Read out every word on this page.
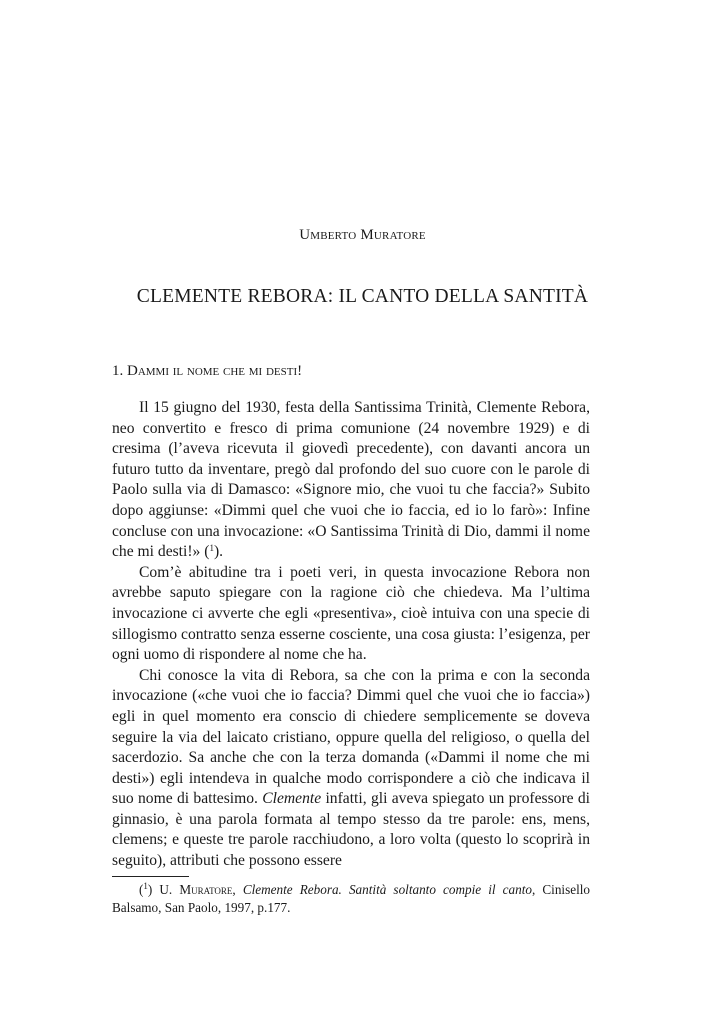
Umberto Muratore
CLEMENTE REBORA: IL CANTO DELLA SANTITÀ
1. Dammi il nome che mi desti!

Il 15 giugno del 1930, festa della Santissima Trinità, Clemente Rebora, neo convertito e fresco di prima comunione (24 novembre 1929) e di cresima (l’aveva ricevuta il giovedì precedente), con davanti ancora un futuro tutto da inventare, pregò dal profondo del suo cuore con le parole di Paolo sulla via di Damasco: «Signore mio, che vuoi tu che faccia?» Subito dopo aggiunse: «Dimmi quel che vuoi che io faccia, ed io lo farò»: Infine concluse con una invocazione: «O Santissima Trinità di Dio, dammi il nome che mi desti!» ($^1$).

Com’è abitudine tra i poeti veri, in questa invocazione Rebora non avrebbe saputo spiegare con la ragione ciò che chiedeva. Ma l’ultima invocazione ci avverte che egli «presentiva», cioè intuiva con una specie di sillogismo contratto senza esserne cosciente, una cosa giusta: l’esigenza, per ogni uomo di rispondere al nome che ha.

Chi conosce la vita di Rebora, sa che con la prima e con la seconda invocazione («che vuoi che io faccia? Dimmi quel che vuoi che io faccia») egli in quel momento era conscio di chiedere semplicemente se doveva seguire la via del laicato cristiano, oppure quella del religioso, o quella del sacerdozio. Sa anche che con la terza domanda («Dammi il nome che mi desti») egli intendeva in qualche modo corrispondere a ciò che indicava il suo nome di battesimo. Clemente infatti, gli aveva spiegato un professore di ginnasio, è una parola formata al tempo stesso da tre parole: ens, mens, clemens; e queste tre parole racchiudono, a loro volta (questo lo scoprirà in seguito), attributi che possono essere

($^1$) U. Muratore, Clemente Rebora. Santità soltanto compie il canto, Cinisello Balsamo, San Paolo, 1997, p.177.
